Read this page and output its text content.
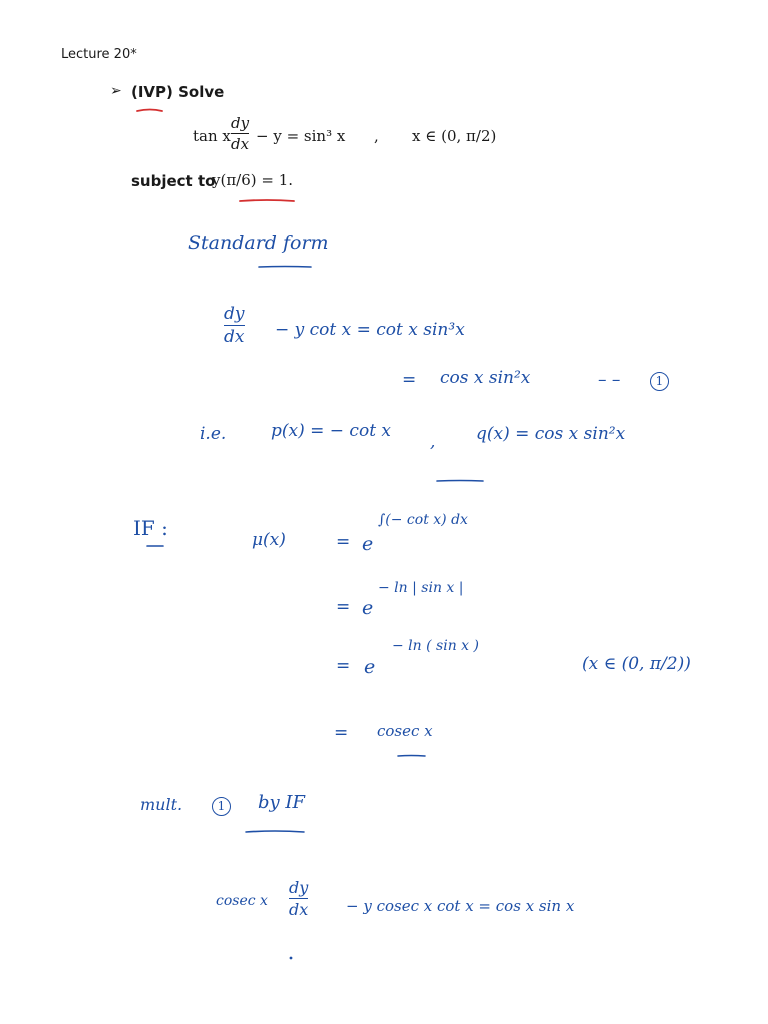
Lecture 20*
➢ (IVP) Solve
tan x
dy
dx − y = sin³ x , x ∈ (0, π/2)
subject to
y(π/6) = 1.
Standard form
dy
dx − y cot x = cot x sin³x
= cos x sin²x	– –	1
i.e.	p(x) = − cot x
, q(x) = cos x sin²x
IF :	μ(x)	= e
∫(− cot x) dx
= e
− ln | sin x |
= e
− ln ( sin x )
(x ∈ (0, π/2))
= cosec x
mult.	1	by IF
cosec x
dy
dx	− y cosec x cot x = cos x sin x
